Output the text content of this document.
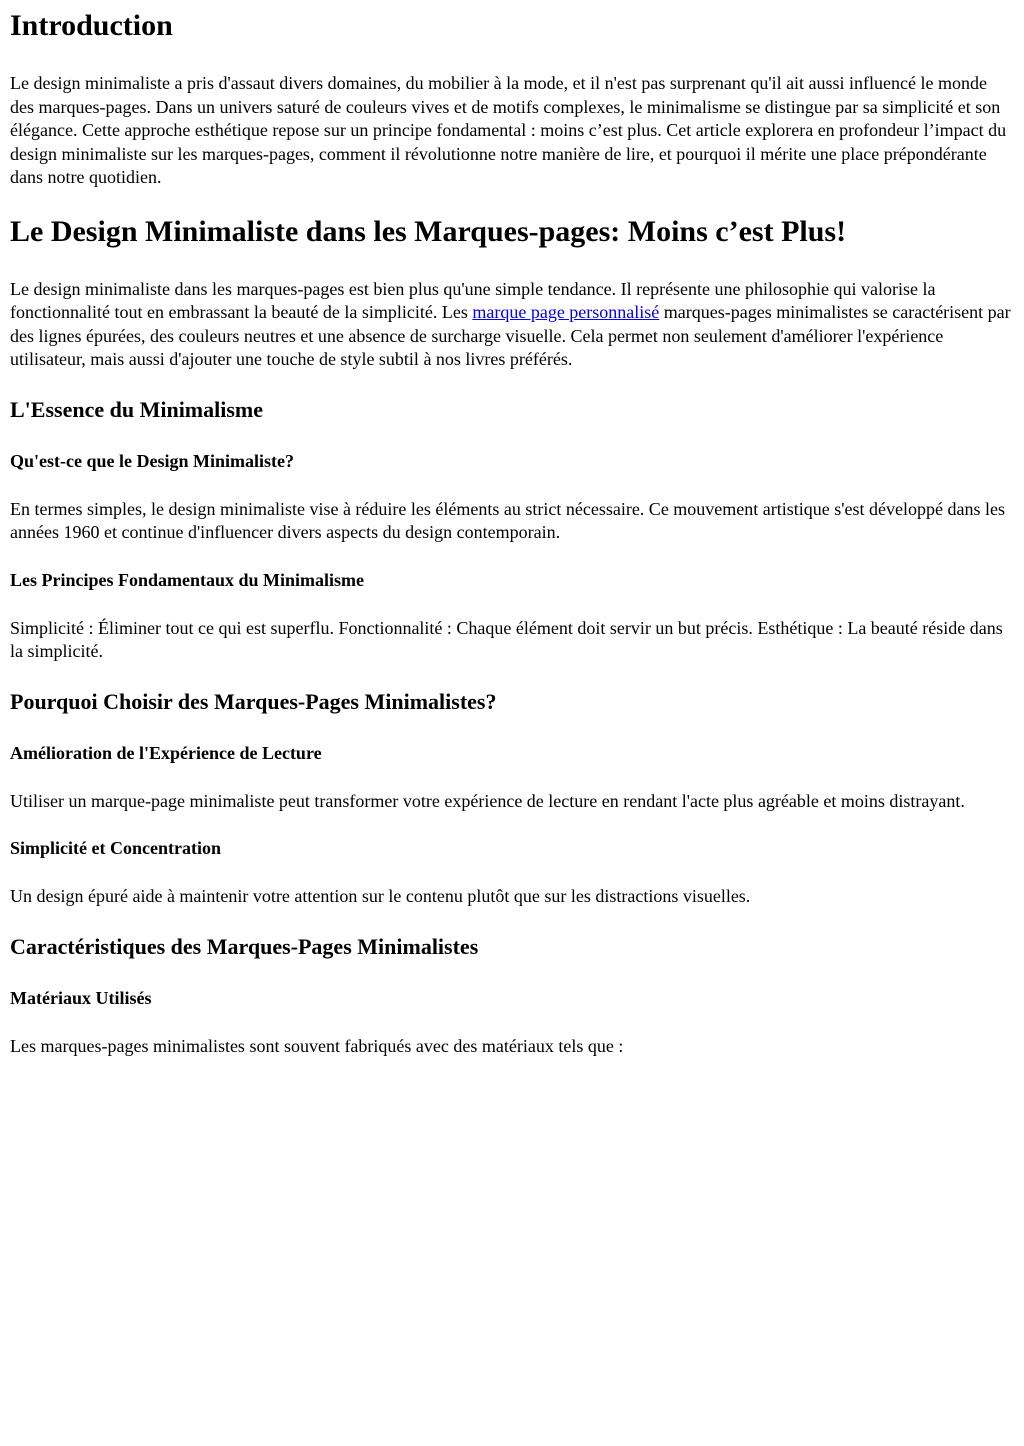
Introduction

Le design minimaliste a pris d'assaut divers domaines, du mobilier à la mode, et il n'est pas surprenant qu'il ait aussi influencé le monde des marques-pages. Dans un univers saturé de couleurs vives et de motifs complexes, le minimalisme se distingue par sa simplicité et son élégance. Cette approche esthétique repose sur un principe fondamental : moins c’est plus. Cet article explorera en profondeur l’impact du design minimaliste sur les marques-pages, comment il révolutionne notre manière de lire, et pourquoi il mérite une place prépondérante dans notre quotidien.

Le Design Minimaliste dans les Marques-pages: Moins c’est Plus!

Le design minimaliste dans les marques-pages est bien plus qu'une simple tendance. Il représente une philosophie qui valorise la fonctionnalité tout en embrassant la beauté de la simplicité. Les marque page personnalisé marques-pages minimalistes se caractérisent par des lignes épurées, des couleurs neutres et une absence de surcharge visuelle. Cela permet non seulement d'améliorer l'expérience utilisateur, mais aussi d'ajouter une touche de style subtil à nos livres préférés.

L'Essence du Minimalisme
Qu'est-ce que le Design Minimaliste?

En termes simples, le design minimaliste vise à réduire les éléments au strict nécessaire. Ce mouvement artistique s'est développé dans les années 1960 et continue d'influencer divers aspects du design contemporain.

Les Principes Fondamentaux du Minimalisme

Simplicité : Éliminer tout ce qui est superflu. Fonctionnalité : Chaque élément doit servir un but précis. Esthétique : La beauté réside dans la simplicité.

Pourquoi Choisir des Marques-Pages Minimalistes?
Amélioration de l'Expérience de Lecture

Utiliser un marque-page minimaliste peut transformer votre expérience de lecture en rendant l'acte plus agréable et moins distrayant.

Simplicité et Concentration

Un design épuré aide à maintenir votre attention sur le contenu plutôt que sur les distractions visuelles.

Caractéristiques des Marques-Pages Minimalistes
Matériaux Utilisés

Les marques-pages minimalistes sont souvent fabriqués avec des matériaux tels que :
